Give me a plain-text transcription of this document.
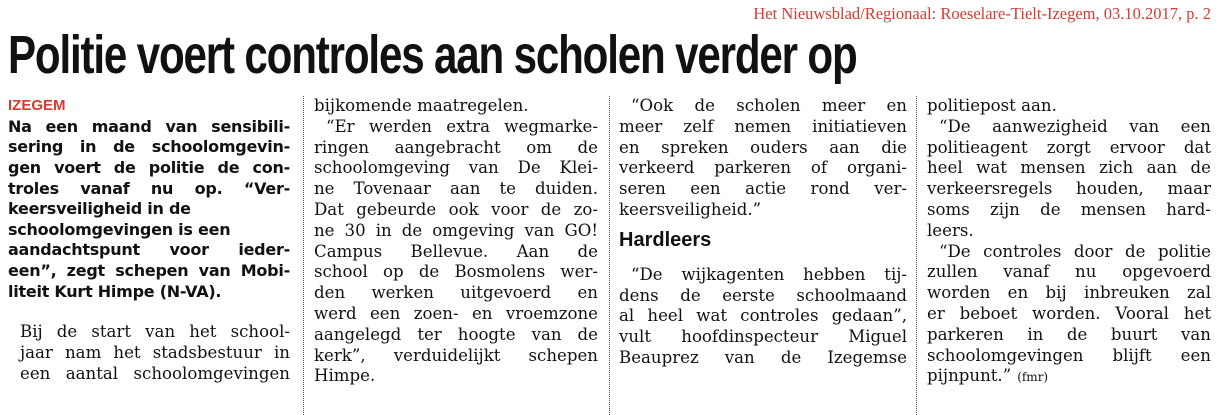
Het Nieuwsblad/Regionaal: Roeselare-Tielt-Izegem, 03.10.2017, p. 2
Politie voert controles aan scholen verder op
IZEGEM
Na een maand van sensibili-
sering in de schoolomgevin-
gen voert de politie de con-
troles vanaf nu op. “Ver-
keersveiligheid in de
schoolomgevingen is een
aandachtspunt voor ieder-
een”, zegt schepen van Mobi-
liteit Kurt Himpe (N-VA).

Bij de start van het school-
jaar nam het stadsbestuur in
een aantal schoolomgevingen

bijkomende maatregelen.
“Er werden extra wegmarke-
ringen aangebracht om de
schoolomgeving van De Klei-
ne Tovenaar aan te duiden.
Dat gebeurde ook voor de zo-
ne 30 in de omgeving van GO!
Campus Bellevue. Aan de
school op de Bosmolens wer-
den werken uitgevoerd en
werd een zoen- en vroemzone
aangelegd ter hoogte van de
kerk”, verduidelijkt schepen
Himpe.

“Ook de scholen meer en
meer zelf nemen initiatieven
en spreken ouders aan die
verkeerd parkeren of organi-
seren een actie rond ver-
keersveiligheid.”

Hardleers

“De wijkagenten hebben tij-
dens de eerste schoolmaand
al heel wat controles gedaan”,
vult hoofdinspecteur Miguel
Beauprez van de Izegemse

politiepost aan.
“De aanwezigheid van een
politieagent zorgt ervoor dat
heel wat mensen zich aan de
verkeersregels houden, maar
soms zijn de mensen hard-
leers.
“De controles door de politie
zullen vanaf nu opgevoerd
worden en bij inbreuken zal
er beboet worden. Vooral het
parkeren in de buurt van
schoolomgevingen blijft een
pijnpunt.” (fmr)
